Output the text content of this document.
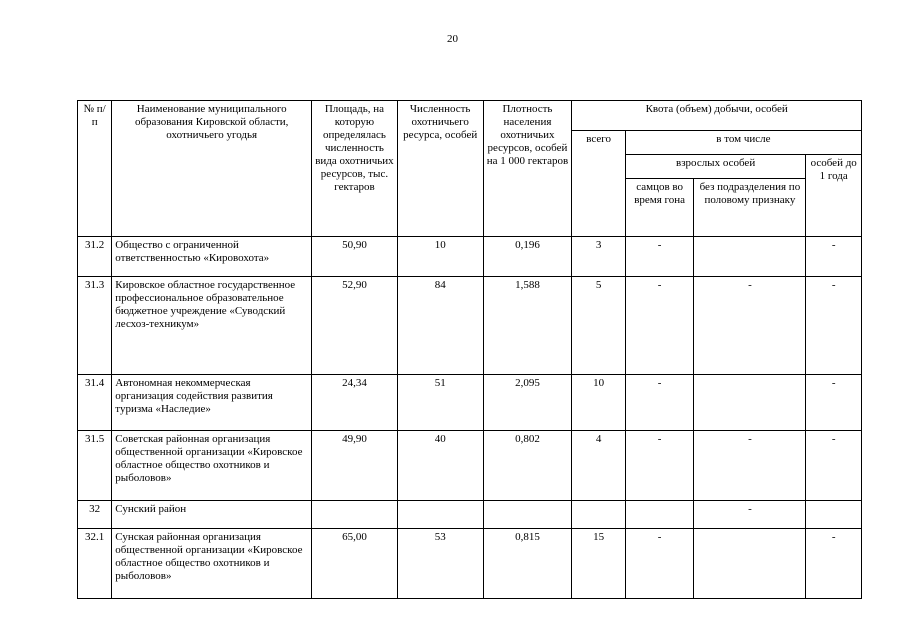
20
№ п/п	Наименование муниципального образования Кировской области, охотничьего угодья	Площадь, на которую определялась численность вида охотничьих ресурсов, тыс. гектаров	Численность охотничьего ресурса, особей	Плотность населения охотничьих ресурсов, особей на 1 000 гектаров	Квота (объем) добычи, особей			
					всего	в том числе		
						взрослых особей		особей до 1 года
						самцов во время гона	без подразделения по половому признаку	
31.2	Общество с ограниченной ответственностью «Кировохота»	50,90	10	0,196	3	-		-
31.3	Кировское областное государственное профессиональное образовательное бюджетное учреждение «Суводский лесхоз-техникум»	52,90	84	1,588	5	-	-	-
31.4	Автономная некоммерческая организация содействия развития туризма «Наследие»	24,34	51	2,095	10	-		-
31.5	Советская районная организация общественной организации «Кировское областное общество охотников и рыболовов»	49,90	40	0,802	4	-	-	-
32	Сунский район						-	
32.1	Сунская районная организация общественной организации «Кировское областное общество охотников и рыболовов»	65,00	53	0,815	15	-		-
